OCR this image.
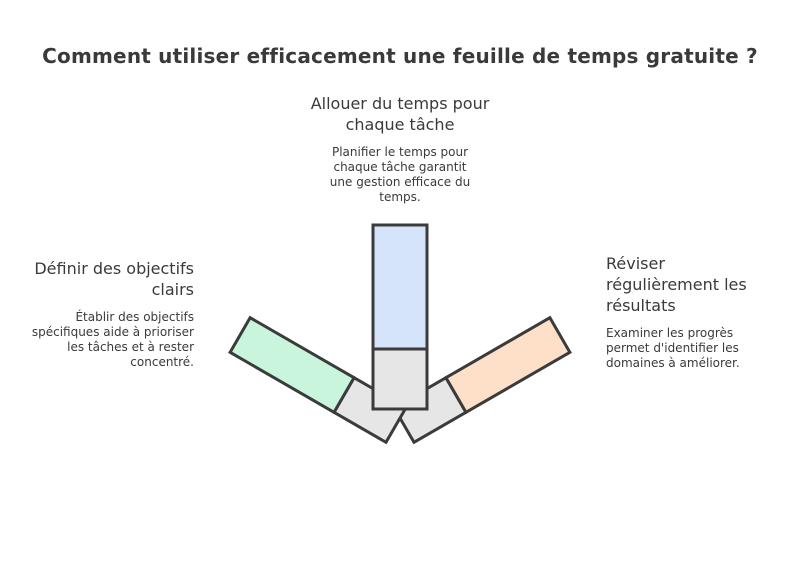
Comment utiliser efficacement une feuille de temps gratuite ?
Allouer du temps pour chaque tâche
Planifier le temps pour chaque tâche garantit une gestion efficace du temps.
Définir des objectifs clairs
Établir des objectifs spécifiques aide à prioriser les tâches et à rester concentré.
Réviser régulièrement les résultats
Examiner les progrès permet d'identifier les domaines à améliorer.
